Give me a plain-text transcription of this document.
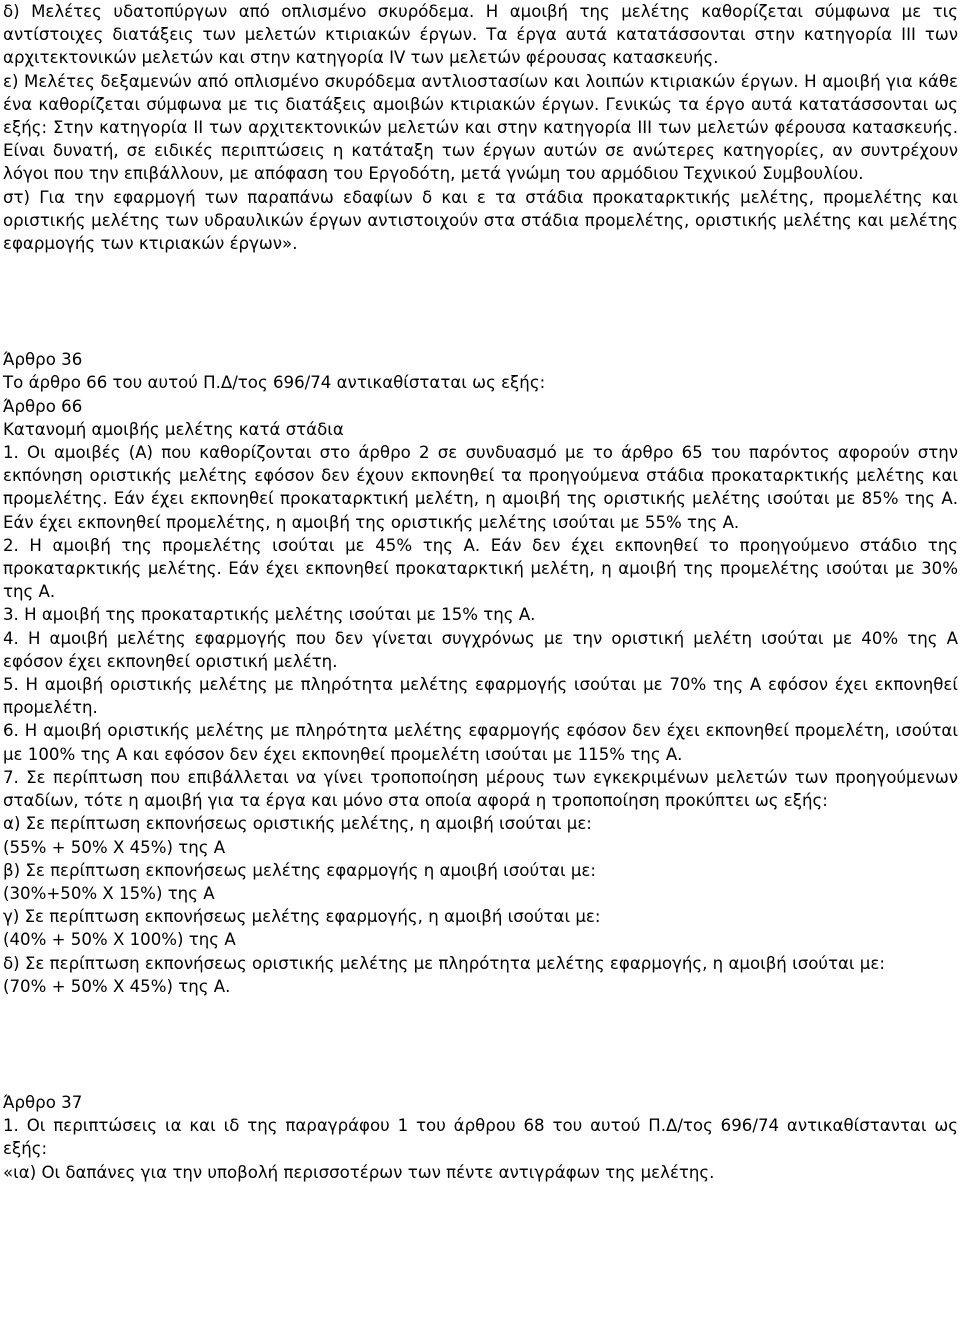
δ) Μελέτες υδατοπύργων από οπλισμένο σκυρόδεμα. Η αμοιβή της μελέτης καθορίζεται σύμφωνα με τις αντίστοιχες διατάξεις των μελετών κτιριακών έργων. Τα έργα αυτά κατατάσσονται στην κατηγορία ΙΙΙ των αρχιτεκτονικών μελετών και στην κατηγορία IV των μελετών φέρουσας κατασκευής.

ε) Μελέτες δεξαμενών από οπλισμένο σκυρόδεμα αντλιοστασίων και λοιπών κτιριακών έργων. Η αμοιβή για κάθε ένα καθορίζεται σύμφωνα με τις διατάξεις αμοιβών κτιριακών έργων. Γενικώς τα έργο αυτά κατατάσσονται ως εξής: Στην κατηγορία ΙΙ των αρχιτεκτονικών μελετών και στην κατηγορία ΙΙΙ των μελετών φέρουσα κατασκευής. Είναι δυνατή, σε ειδικές περιπτώσεις η κατάταξη των έργων αυτών σε ανώτερες κατηγορίες, αν συντρέχουν λόγοι που την επιβάλλουν, με απόφαση του Εργοδότη, μετά γνώμη του αρμόδιου Τεχνικού Συμβουλίου.

στ) Για την εφαρμογή των παραπάνω εδαφίων δ και ε τα στάδια προκαταρκτικής μελέτης, προμελέτης και οριστικής μελέτης των υδραυλικών έργων αντιστοιχούν στα στάδια προμελέτης, οριστικής μελέτης και μελέτης εφαρμογής των κτιριακών έργων».

Άρθρο 36

Το άρθρο 66 του αυτού Π.Δ/τος 696/74 αντικαθίσταται ως εξής:

Άρθρο 66

Κατανομή αμοιβής μελέτης κατά στάδια

1. Οι αμοιβές (Α) που καθορίζονται στο άρθρο 2 σε συνδυασμό με το άρθρο 65 του παρόντος αφορούν στην εκπόνηση οριστικής μελέτης εφόσον δεν έχουν εκπονηθεί τα προηγούμενα στάδια προκαταρκτικής μελέτης και προμελέτης. Εάν έχει εκπονηθεί προκαταρκτική μελέτη, η αμοιβή της οριστικής μελέτης ισούται με 85% της Α. Εάν έχει εκπονηθεί προμελέτης, η αμοιβή της οριστικής μελέτης ισούται με 55% της Α.

2. Η αμοιβή της προμελέτης ισούται με 45% της Α. Εάν δεν έχει εκπονηθεί το προηγούμενο στάδιο της προκαταρκτικής μελέτης. Εάν έχει εκπονηθεί προκαταρκτική μελέτη, η αμοιβή της προμελέτης ισούται με 30% της Α.

3. Η αμοιβή της προκαταρτικής μελέτης ισούται με 15% της Α.

4. Η αμοιβή μελέτης εφαρμογής που δεν γίνεται συγχρόνως με την οριστική μελέτη ισούται με 40% της Α εφόσον έχει εκπονηθεί οριστική μελέτη.

5. Η αμοιβή οριστικής μελέτης με πληρότητα μελέτης εφαρμογής ισούται με 70% της Α εφόσον έχει εκπονηθεί προμελέτη.

6. Η αμοιβή οριστικής μελέτης με πληρότητα μελέτης εφαρμογής εφόσον δεν έχει εκπονηθεί προμελέτη, ισούται με 100% της Α και εφόσον δεν έχει εκπονηθεί προμελέτη ισούται με 115% της Α.

7. Σε περίπτωση που επιβάλλεται να γίνει τροποποίηση μέρους των εγκεκριμένων μελετών των προηγούμενων σταδίων, τότε η αμοιβή για τα έργα και μόνο στα οποία αφορά η τροποποίηση προκύπτει ως εξής:

α) Σε περίπτωση εκπονήσεως οριστικής μελέτης, η αμοιβή ισούται με:

(55% + 50% Χ 45%) της Α

β) Σε περίπτωση εκπονήσεως μελέτης εφαρμογής η αμοιβή ισούται με:

(30%+50% Χ 15%) της Α

γ) Σε περίπτωση εκπονήσεως μελέτης εφαρμογής, η αμοιβή ισούται με:

(40% + 50% Χ 100%) της Α

δ) Σε περίπτωση εκπονήσεως οριστικής μελέτης με πληρότητα μελέτης εφαρμογής, η αμοιβή ισούται με:

(70% + 50% Χ 45%) της Α.

Άρθρο 37

1. Οι περιπτώσεις ια και ιδ της παραγράφου 1 του άρθρου 68 του αυτού Π.Δ/τος 696/74 αντικαθίστανται ως εξής:

«ια) Οι δαπάνες για την υποβολή περισσοτέρων των πέντε αντιγράφων της μελέτης.
